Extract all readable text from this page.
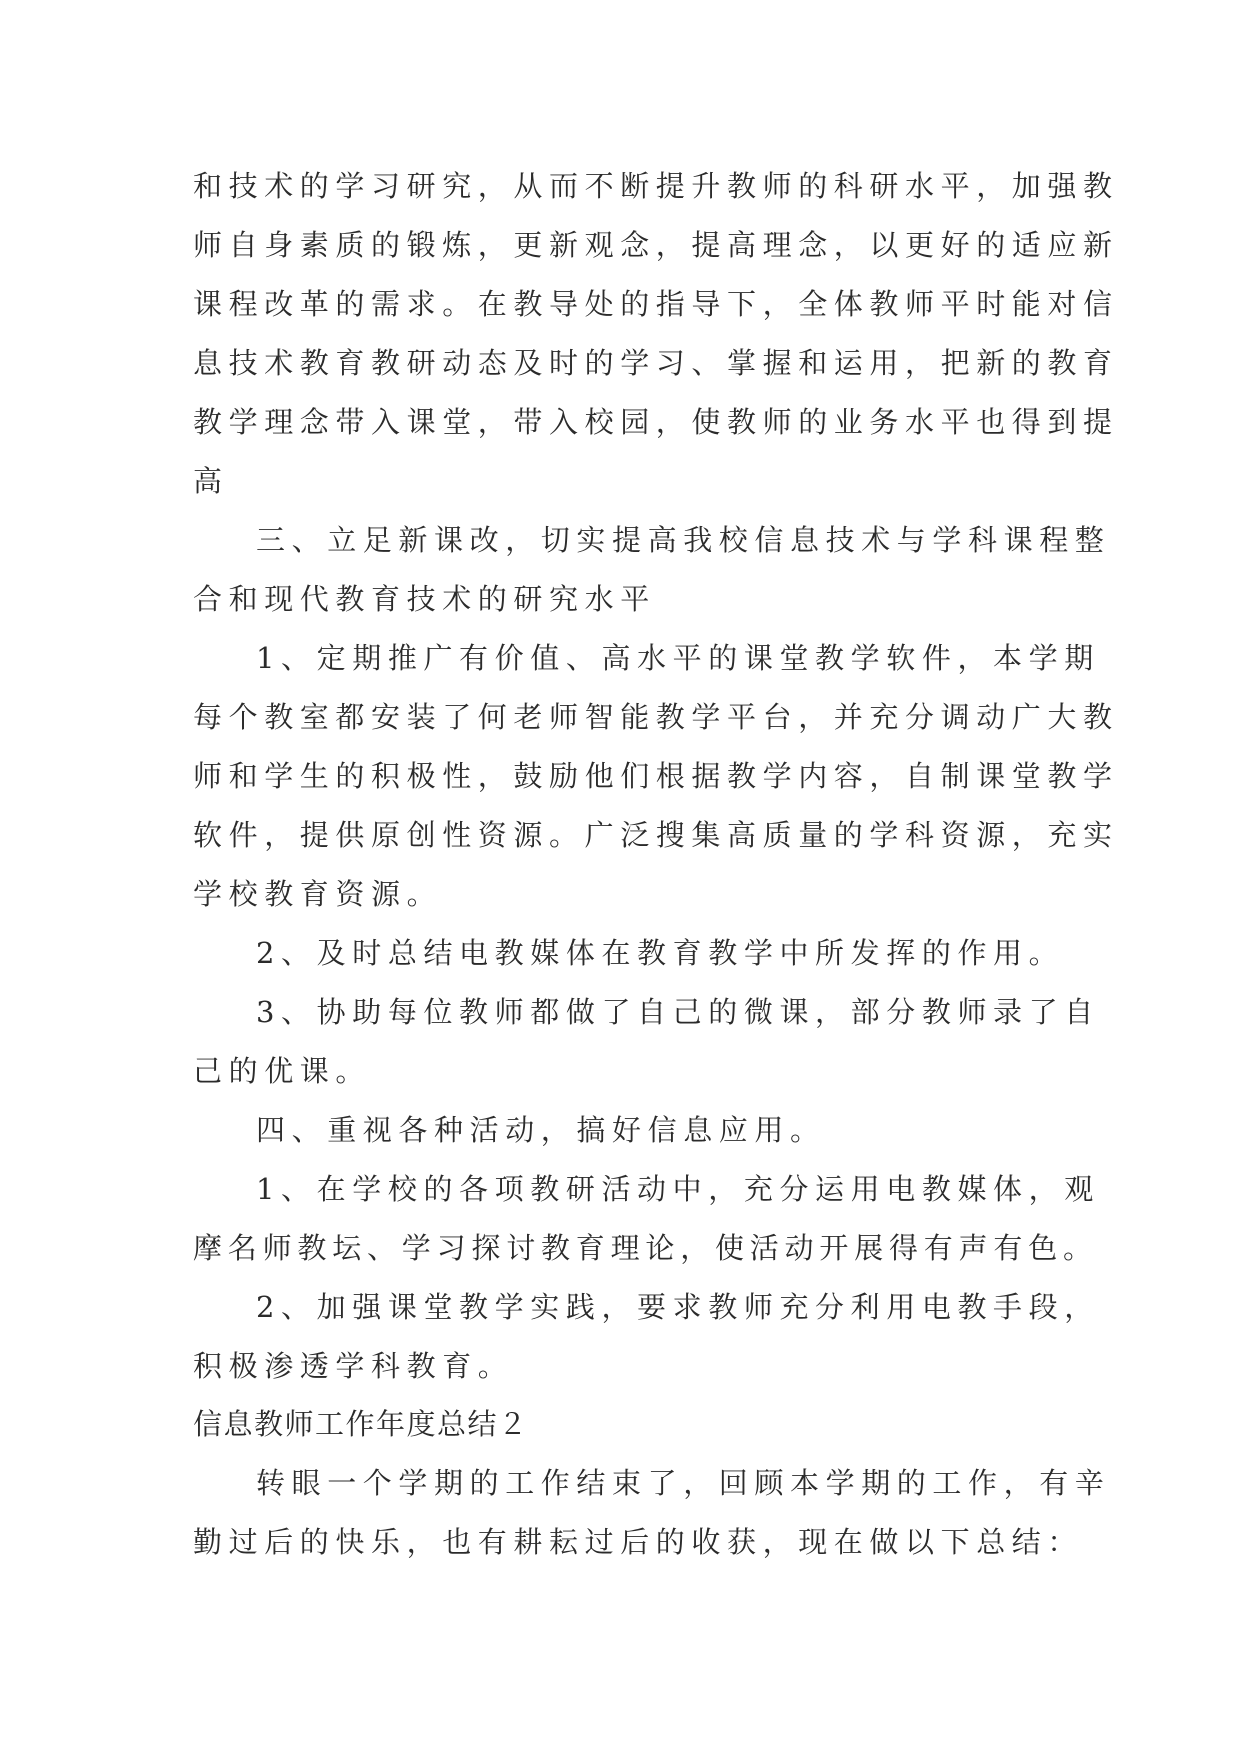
和技术的学习研究，从而不断提升教师的科研水平，加强教
师自身素质的锻炼，更新观念，提高理念，以更好的适应新
课程改革的需求。在教导处的指导下，全体教师平时能对信
息技术教育教研动态及时的学习、掌握和运用，把新的教育
教学理念带入课堂，带入校园，使教师的业务水平也得到提
高
三、立足新课改，切实提高我校信息技术与学科课程整
合和现代教育技术的研究水平
1、定期推广有价值、高水平的课堂教学软件，本学期
每个教室都安装了何老师智能教学平台，并充分调动广大教
师和学生的积极性，鼓励他们根据教学内容，自制课堂教学
软件，提供原创性资源。广泛搜集高质量的学科资源，充实
学校教育资源。
2、及时总结电教媒体在教育教学中所发挥的作用。
3、协助每位教师都做了自己的微课，部分教师录了自
己的优课。
四、重视各种活动，搞好信息应用。
1、在学校的各项教研活动中，充分运用电教媒体，观
摩名师教坛、学习探讨教育理论，使活动开展得有声有色。
2、加强课堂教学实践，要求教师充分利用电教手段，
积极渗透学科教育。
信息教师工作年度总结２
转眼一个学期的工作结束了，回顾本学期的工作，有辛
勤过后的快乐，也有耕耘过后的收获，现在做以下总结：
